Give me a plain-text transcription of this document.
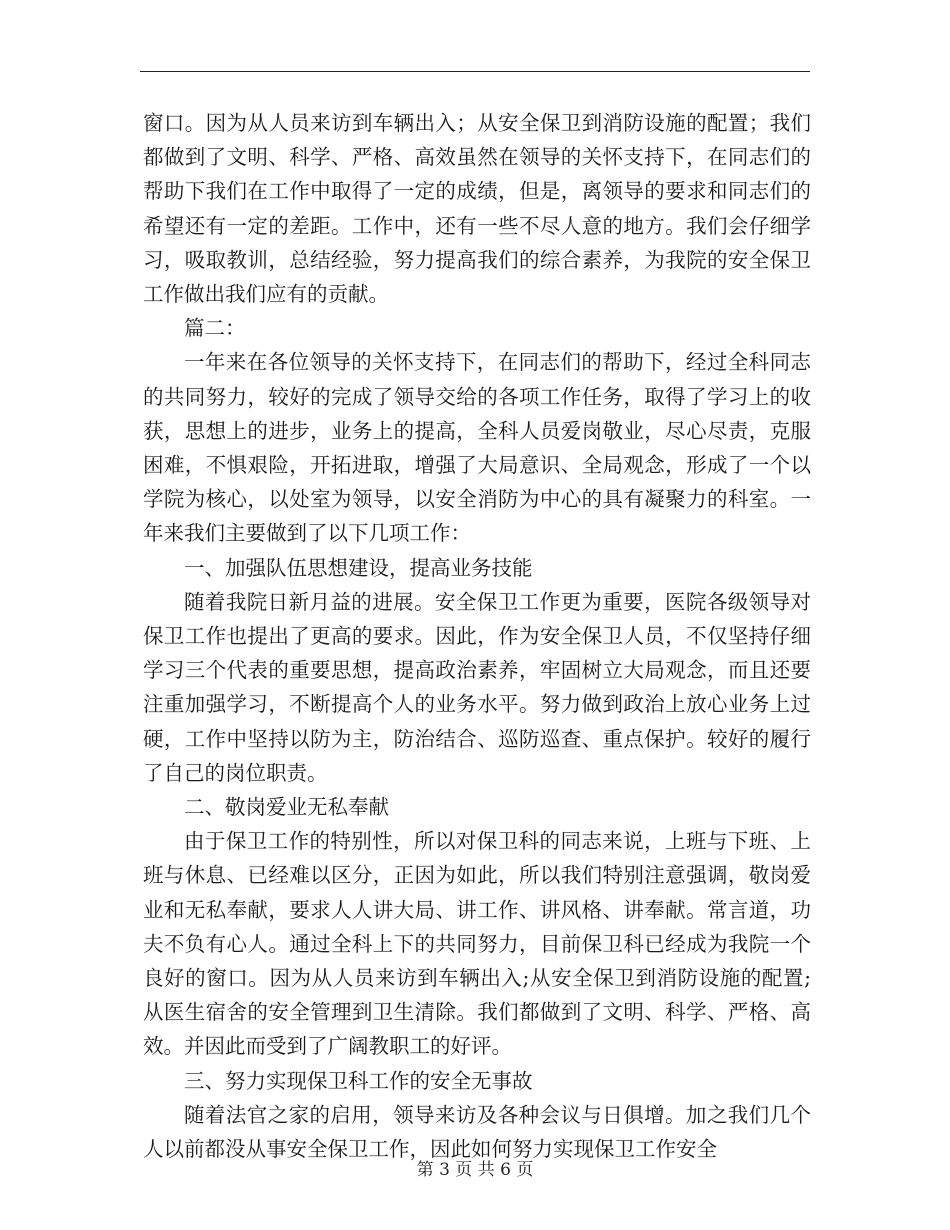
窗口。因为从人员来访到车辆出入；从安全保卫到消防设施的配置；我们都做到了文明、科学、严格、高效虽然在领导的关怀支持下，在同志们的帮助下我们在工作中取得了一定的成绩，但是，离领导的要求和同志们的希望还有一定的差距。工作中，还有一些不尽人意的地方。我们会仔细学习，吸取教训，总结经验，努力提高我们的综合素养，为我院的安全保卫工作做出我们应有的贡献。

篇二：

一年来在各位领导的关怀支持下，在同志们的帮助下，经过全科同志的共同努力，较好的完成了领导交给的各项工作任务，取得了学习上的收获，思想上的进步，业务上的提高，全科人员爱岗敬业，尽心尽责，克服困难，不惧艰险，开拓进取，增强了大局意识、全局观念，形成了一个以学院为核心，以处室为领导，以安全消防为中心的具有凝聚力的科室。一年来我们主要做到了以下几项工作：

一、加强队伍思想建设，提高业务技能

随着我院日新月益的进展。安全保卫工作更为重要，医院各级领导对保卫工作也提出了更高的要求。因此，作为安全保卫人员，不仅坚持仔细学习三个代表的重要思想，提高政治素养，牢固树立大局观念，而且还要注重加强学习，不断提高个人的业务水平。努力做到政治上放心业务上过硬，工作中坚持以防为主，防治结合、巡防巡查、重点保护。较好的履行了自己的岗位职责。

二、敬岗爱业无私奉献

由于保卫工作的特别性，所以对保卫科的同志来说，上班与下班、上班与休息、已经难以区分，正因为如此，所以我们特别注意强调，敬岗爱业和无私奉献，要求人人讲大局、讲工作、讲风格、讲奉献。常言道，功夫不负有心人。通过全科上下的共同努力，目前保卫科已经成为我院一个良好的窗口。因为从人员来访到车辆出入;从安全保卫到消防设施的配置;从医生宿舍的安全管理到卫生清除。我们都做到了文明、科学、严格、高效。并因此而受到了广阔教职工的好评。

三、努力实现保卫科工作的安全无事故

随着法官之家的启用，领导来访及各种会议与日俱增。加之我们几个人以前都没从事安全保卫工作，因此如何努力实现保卫工作安全

第 3 页 共 6 页
